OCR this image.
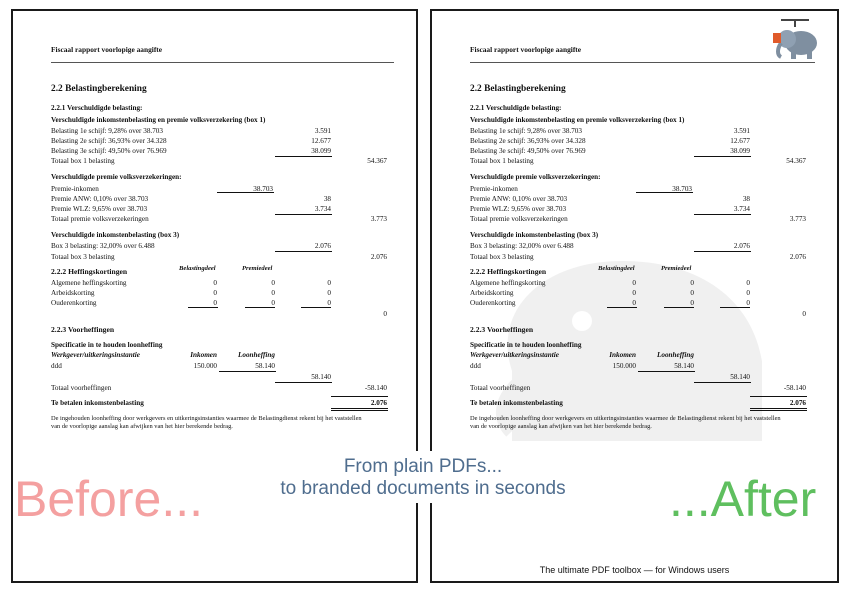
Fiscaal rapport voorlopige aangifte
2.2 Belastingberekening
2.2.1 Verschuldigde belasting:
Verschuldigde inkomstenbelasting en premie volksverzekering (box 1)
Belasting 1e schijf: 9,28% over 38.703	3.591
Belasting 2e schijf: 36,93% over 34.328	12.677
Belasting 3e schijf: 49,50% over 76.969	38.099
Totaal box 1 belasting	54.367
Verschuldigde premie volksverzekeringen:
Premie-inkomen	38.703
Premie ANW: 0,10% over 38.703	38
Premie WLZ: 9,65% over 38.703	3.734
Totaal premie volksverzekeringen	3.773
Verschuldigde inkomstenbelasting (box 3)
Box 3 belasting: 32,00% over 6.488	2.076
Totaal box 3 belasting	2.076
2.2.2 Heffingskortingen	Belastingdeel	Premiedeel
Algemene heffingskorting	0	0	0
Arbeidskorting	0	0	0
Ouderenkorting	0	0	0
0
2.2.3 Voorheffingen
Specificatie in te houden loonheffing
Werkgever/uitkeringsinstantie	Inkomen	Loonheffing
ddd	150.000	58.140
58.140
Totaal voorheffingen	-58.140
Te betalen inkomstenbelasting	2.076
De ingehouden loonheffing door werkgevers en uitkeringsinstanties waarmee de Belastingdienst rekent bij het vaststellen
van de voorlopige aanslag kan afwijken van het hier berekende bedrag.
Fiscaal rapport voorlopige aangifte
2.2 Belastingberekening
2.2.1 Verschuldigde belasting:
Verschuldigde inkomstenbelasting en premie volksverzekering (box 1)
Belasting 1e schijf: 9,28% over 38.703	3.591
Belasting 2e schijf: 36,93% over 34.328	12.677
Belasting 3e schijf: 49,50% over 76.969	38.099
Totaal box 1 belasting	54.367
Verschuldigde premie volksverzekeringen:
Premie-inkomen	38.703
Premie ANW: 0,10% over 38.703	38
Premie WLZ: 9,65% over 38.703	3.734
Totaal premie volksverzekeringen	3.773
Verschuldigde inkomstenbelasting (box 3)
Box 3 belasting: 32,00% over 6.488	2.076
Totaal box 3 belasting	2.076
2.2.2 Heffingskortingen	Belastingdeel	Premiedeel
Algemene heffingskorting	0	0	0
Arbeidskorting	0	0	0
Ouderenkorting	0	0	0
0
2.2.3 Voorheffingen
Specificatie in te houden loonheffing
Werkgever/uitkeringsinstantie	Inkomen	Loonheffing
ddd	150.000	58.140
58.140
Totaal voorheffingen	-58.140
Te betalen inkomstenbelasting	2.076
De ingehouden loonheffing door werkgevers en uitkeringsinstanties waarmee de Belastingdienst rekent bij het vaststellen
van de voorlopige aanslag kan afwijken van het hier berekende bedrag.
Before...	...After
From plain PDFs...
to branded documents in seconds
The ultimate PDF toolbox — for Windows users
